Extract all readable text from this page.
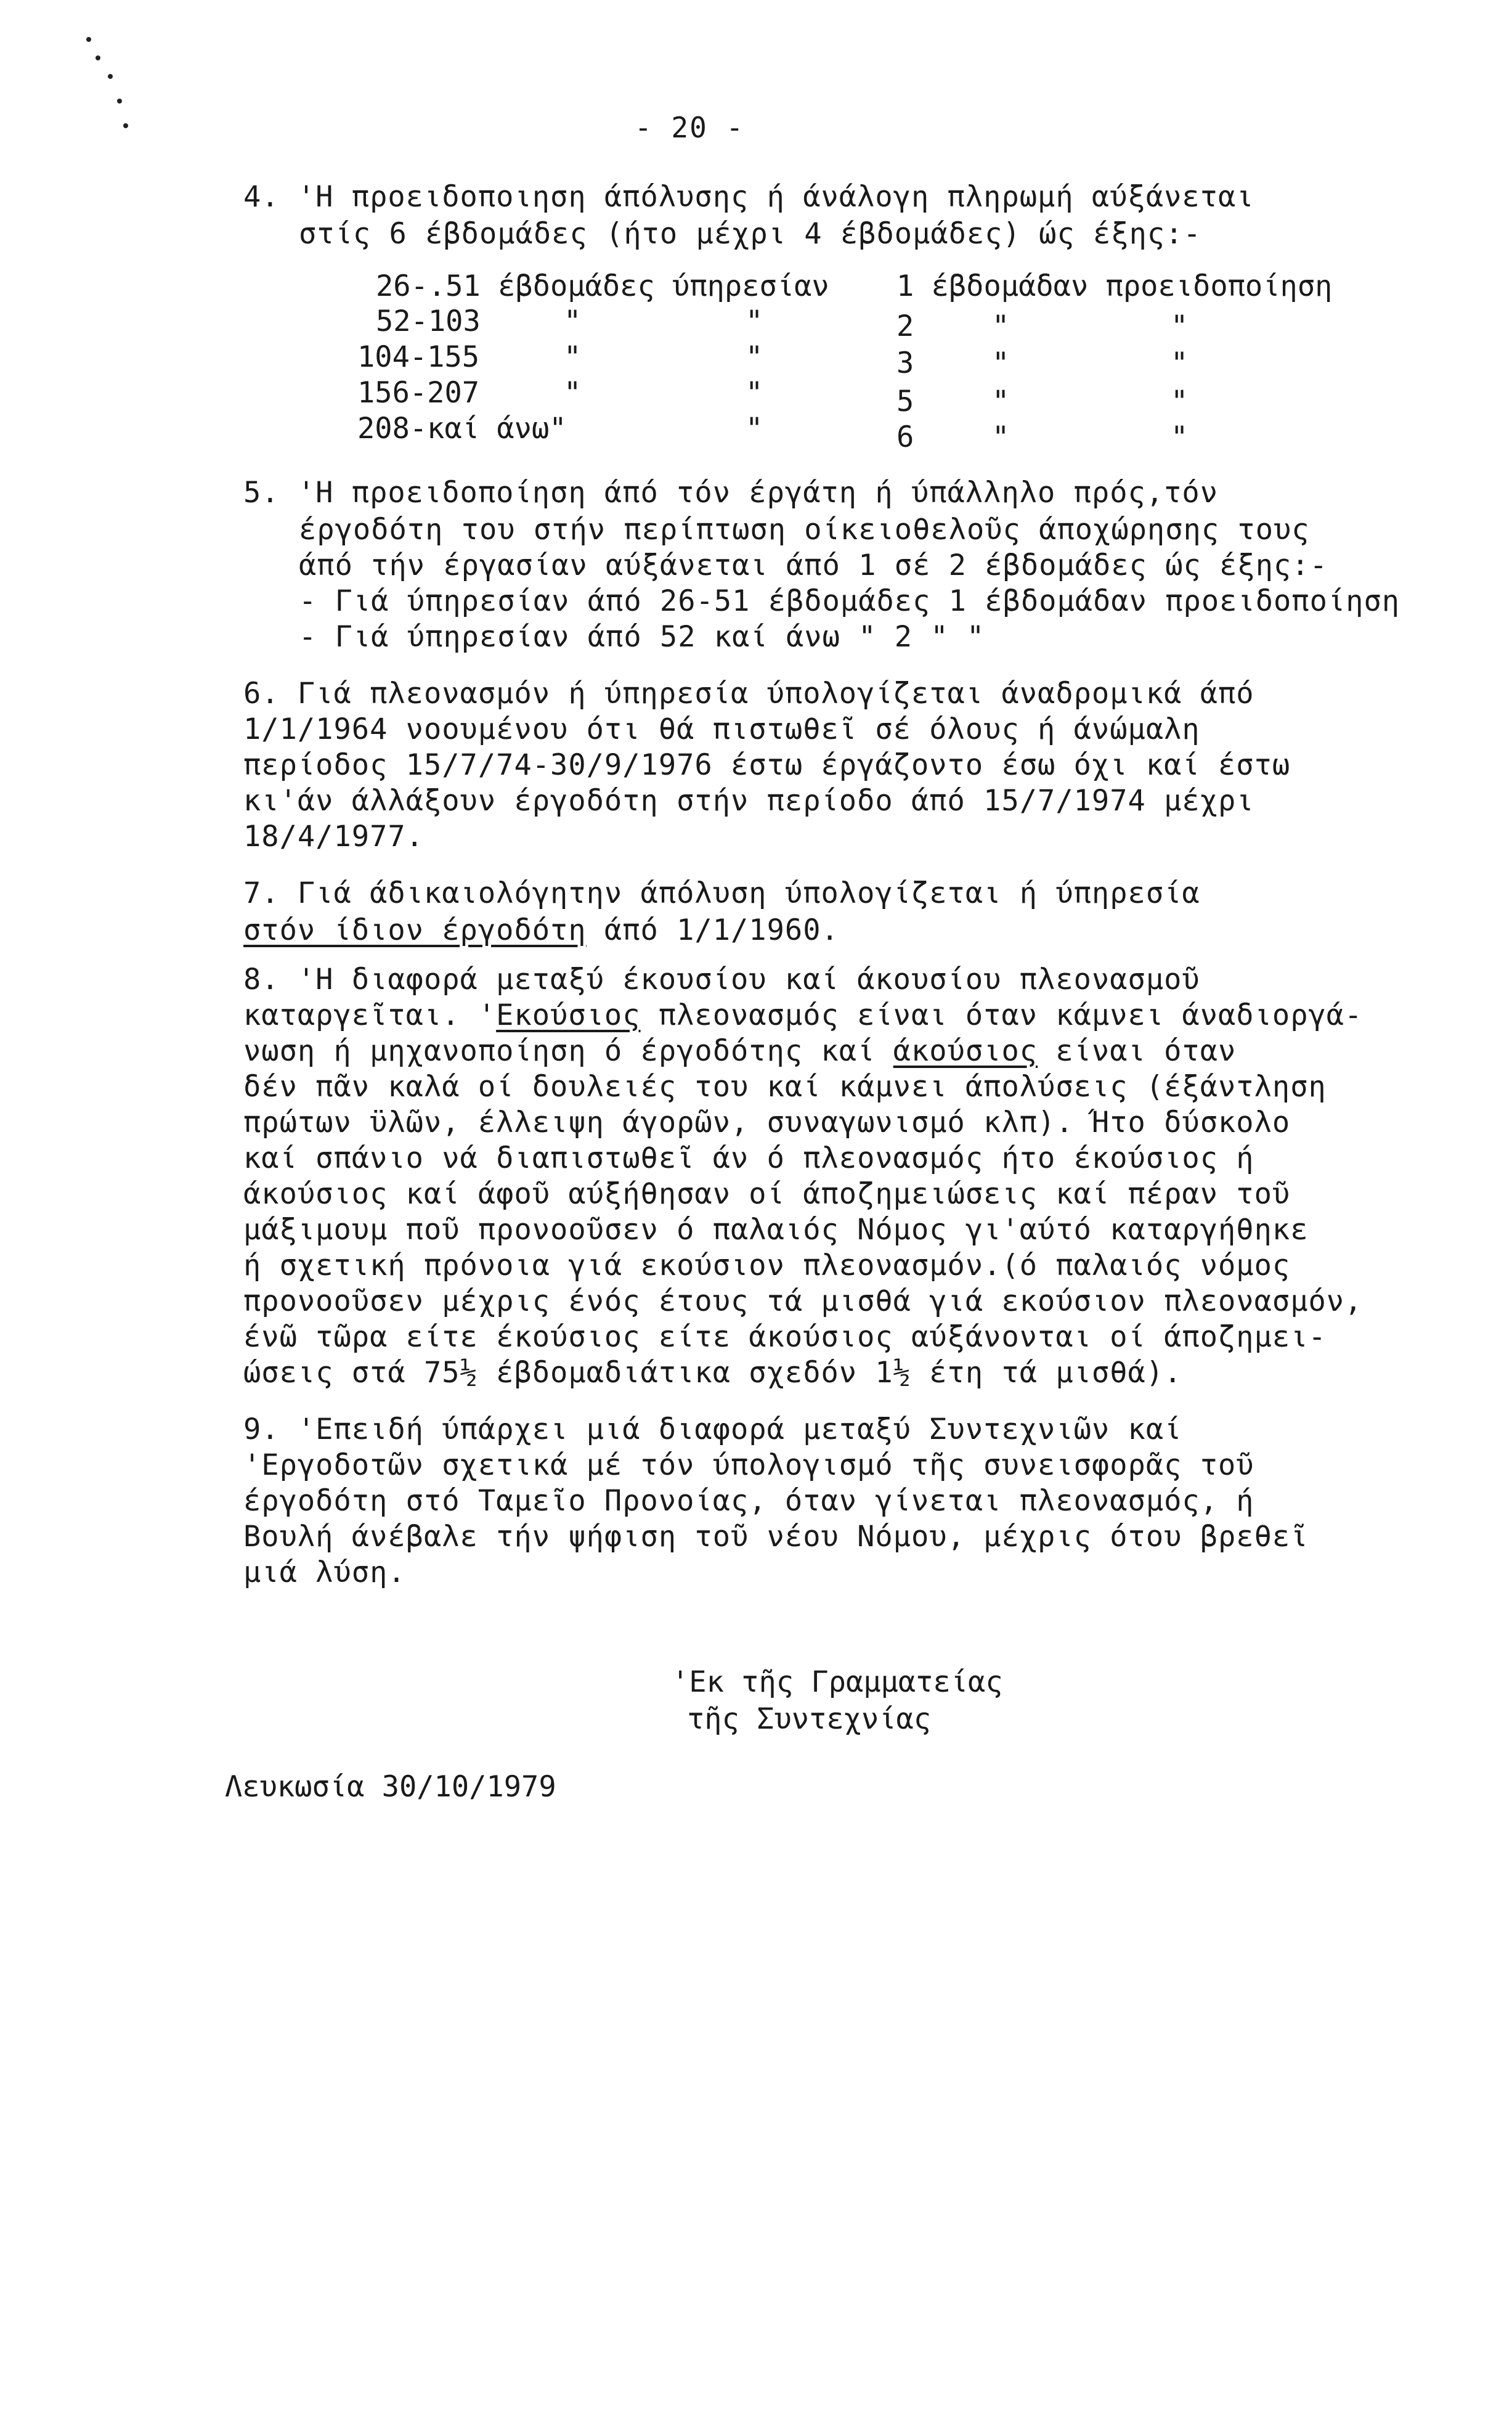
- 20 -
4. 'Η προειδοποιηση άπόλυσης ή άνάλογη πληρωμή αύξάνεται
στίς 6 έβδομάδες (ήτο μέχρι 4 έβδομάδες) ώς έξης:-
26-.51 έβδομάδες ύπηρεσίαν 1 έβδομάδαν προειδοποίηση
52-103	"	"	2	"	"
104-155	"	"	3	"	"
156-207	"	"	5	"	"
208-καί άνω"	"	6	"	"
5. 'Η προειδοποίηση άπό τόν έργάτη ή ύπάλληλο πρός,τόν
έργοδότη του στήν περίπτωση οίκειοθελοῦς άποχώρησης τους
άπό τήν έργασίαν αύξάνεται άπό 1 σέ 2 έβδομάδες ώς έξης:-
- Γιά ύπηρεσίαν άπό 26-51 έβδομάδες 1 έβδομάδαν προειδοποίηση
- Γιά ύπηρεσίαν άπό 52 καί άνω " 2 " "
6. Γιά πλεονασμόν ή ύπηρεσία ύπολογίζεται άναδρομικά άπό
1/1/1964 νοουμένου ότι θά πιστωθεῖ σέ όλους ή άνώμαλη
περίοδος 15/7/74-30/9/1976 έστω έργάζοντο έσω όχι καί έστω
κι'άν άλλάξουν έργοδότη στήν περίοδο άπό 15/7/1974 μέχρι
18/4/1977.
7. Γιά άδικαιολόγητην άπόλυση ύπολογίζεται ή ύπηρεσία
στόν ίδιον έργοδότη άπό 1/1/1960.
8. 'Η διαφορά μεταξύ έκουσίου καί άκουσίου πλεονασμοῦ
καταργεῖται. 'Εκούσιος πλεονασμός είναι όταν κάμνει άναδιοργά-
νωση ή μηχανοποίηση ό έργοδότης καί άκούσιος είναι όταν
δέν πᾶν καλά οί δουλειές του καί κάμνει άπολύσεις (έξάντληση
πρώτων ϋλῶν, έλλειψη άγορῶν, συναγωνισμό κλπ). Ήτο δύσκολο
καί σπάνιο νά διαπιστωθεῖ άν ό πλεονασμός ήτο έκούσιος ή
άκούσιος καί άφοῦ αύξήθησαν οί άποζημειώσεις καί πέραν τοῦ
μάξιμουμ ποῦ προνοοῦσεν ό παλαιός Νόμος γι'αύτό καταργήθηκε
ή σχετική πρόνοια γιά εκούσιον πλεονασμόν.(ό παλαιός νόμος
προνοοῦσεν μέχρις ένός έτους τά μισθά γιά εκούσιον πλεονασμόν,
ένῶ τῶρα είτε έκούσιος είτε άκούσιος αύξάνονται οί άποζημει-
ώσεις στά 75½ έβδομαδιάτικα σχεδόν 1½ έτη τά μισθά).
9. 'Επειδή ύπάρχει μιά διαφορά μεταξύ Συντεχνιῶν καί
'Εργοδοτῶν σχετικά μέ τόν ύπολογισμό τῆς συνεισφορᾶς τοῦ
έργοδότη στό Ταμεῖο Προνοίας, όταν γίνεται πλεονασμός, ή
Βουλή άνέβαλε τήν ψήφιση τοῦ νέου Νόμου, μέχρις ότου βρεθεῖ
μιά λύση.
'Εκ τῆς Γραμματείας
τῆς Συντεχνίας
Λευκωσία 30/10/1979
